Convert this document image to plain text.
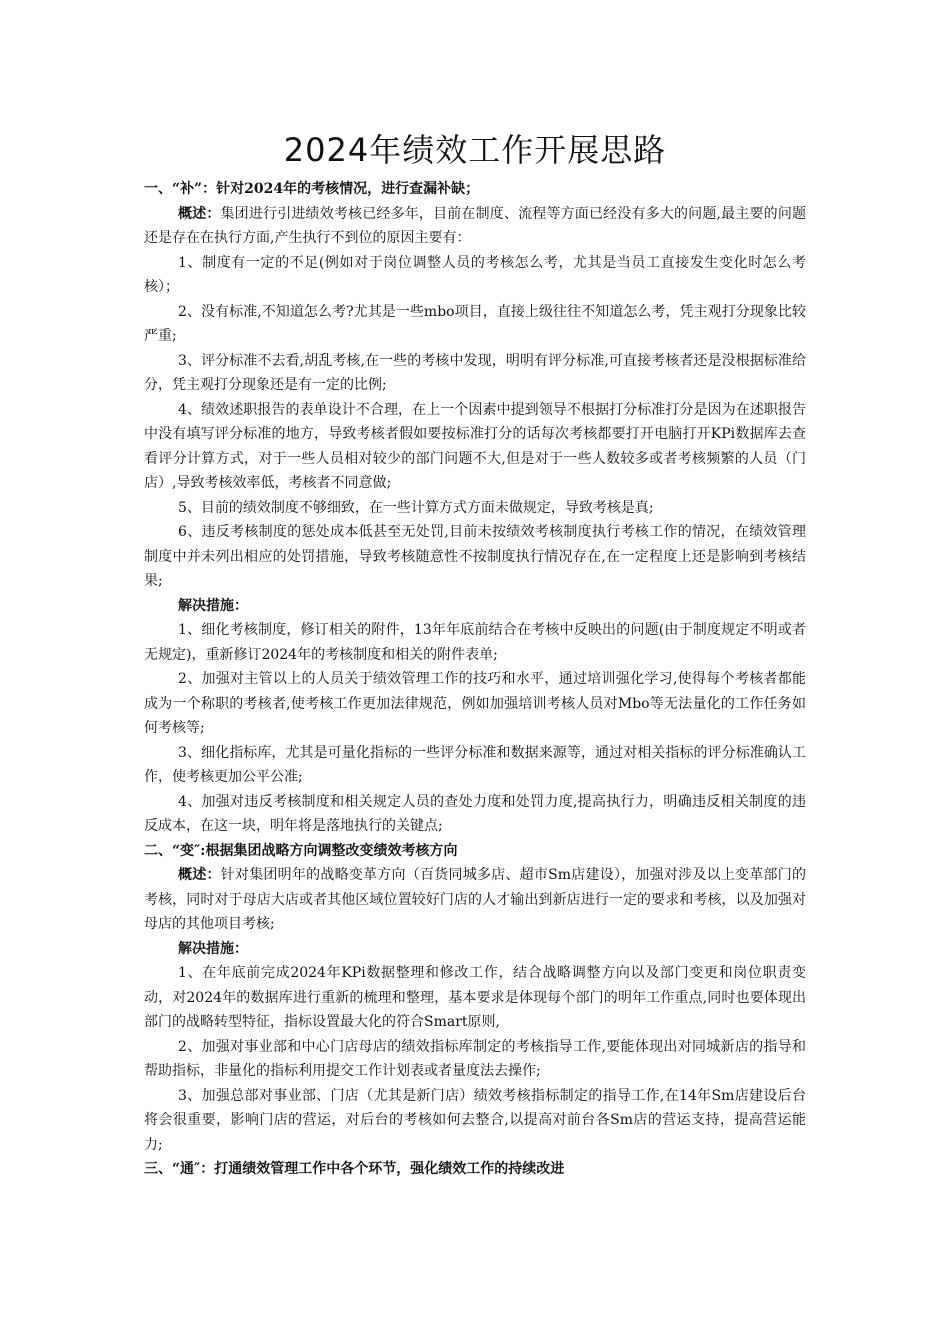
2024年绩效工作开展思路

一、“补”：针对2024年的考核情况，进行查漏补缺；

概述：集团进行引进绩效考核已经多年，目前在制度、流程等方面已经没有多大的问题,最主要的问题还是存在在执行方面,产生执行不到位的原因主要有：

1、制度有一定的不足(例如对于岗位调整人员的考核怎么考，尤其是当员工直接发生变化时怎么考核）；

2、没有标准,不知道怎么考?尤其是一些mbo项目，直接上级往往不知道怎么考，凭主观打分现象比较严重;

3、评分标准不去看,胡乱考核,在一些的考核中发现，明明有评分标准,可直接考核者还是没根据标准给分，凭主观打分现象还是有一定的比例;

4、绩效述职报告的表单设计不合理，在上一个因素中提到领导不根据打分标准打分是因为在述职报告中没有填写评分标准的地方，导致考核者假如要按标准打分的话每次考核都要打开电脑打开KPi数据库去查看评分计算方式，对于一些人员相对较少的部门问题不大,但是对于一些人数较多或者考核频繁的人员（门店）,导致考核效率低，考核者不同意做;

5、目前的绩效制度不够细致，在一些计算方式方面未做规定，导致考核是真;

6、违反考核制度的惩处成本低甚至无处罚,目前未按绩效考核制度执行考核工作的情况，在绩效管理制度中并未列出相应的处罚措施，导致考核随意性不按制度执行情况存在,在一定程度上还是影响到考核结果;

解决措施：

1、细化考核制度，修订相关的附件，13年年底前结合在考核中反映出的问题(由于制度规定不明或者无规定)，重新修订2024年的考核制度和相关的附件表单;

2、加强对主管以上的人员关于绩效管理工作的技巧和水平，通过培训强化学习,使得每个考核者都能成为一个称职的考核者,使考核工作更加法律规范，例如加强培训考核人员对Mbo等无法量化的工作任务如何考核等;

3、细化指标库，尤其是可量化指标的一些评分标准和数据来源等，通过对相关指标的评分标准确认工作，使考核更加公平公准;

4、加强对违反考核制度和相关规定人员的查处力度和处罚力度,提高执行力，明确违反相关制度的违反成本，在这一块，明年将是落地执行的关键点;

二、“变″:根据集团战略方向调整改变绩效考核方向

概述：针对集团明年的战略变革方向（百货同城多店、超市Sm店建设），加强对涉及以上变革部门的考核，同时对于母店大店或者其他区域位置较好门店的人才输出到新店进行一定的要求和考核，以及加强对母店的其他项目考核;

解决措施：

1、在年底前完成2024年KPi数据整理和修改工作，结合战略调整方向以及部门变更和岗位职责变动，对2024年的数据库进行重新的梳理和整理，基本要求是体现每个部门的明年工作重点,同时也要体现出部门的战略转型特征，指标设置最大化的符合Smart原则,

2、加强对事业部和中心门店母店的绩效指标库制定的考核指导工作,要能体现出对同城新店的指导和帮助指标，非量化的指标利用提交工作计划表或者量度法去操作;

3、加强总部对事业部、门店（尤其是新门店）绩效考核指标制定的指导工作,在14年Sm店建设后台将会很重要，影响门店的营运，对后台的考核如何去整合,以提高对前台各Sm店的营运支持，提高营运能力;

三、“通″：打通绩效管理工作中各个环节，强化绩效工作的持续改进
